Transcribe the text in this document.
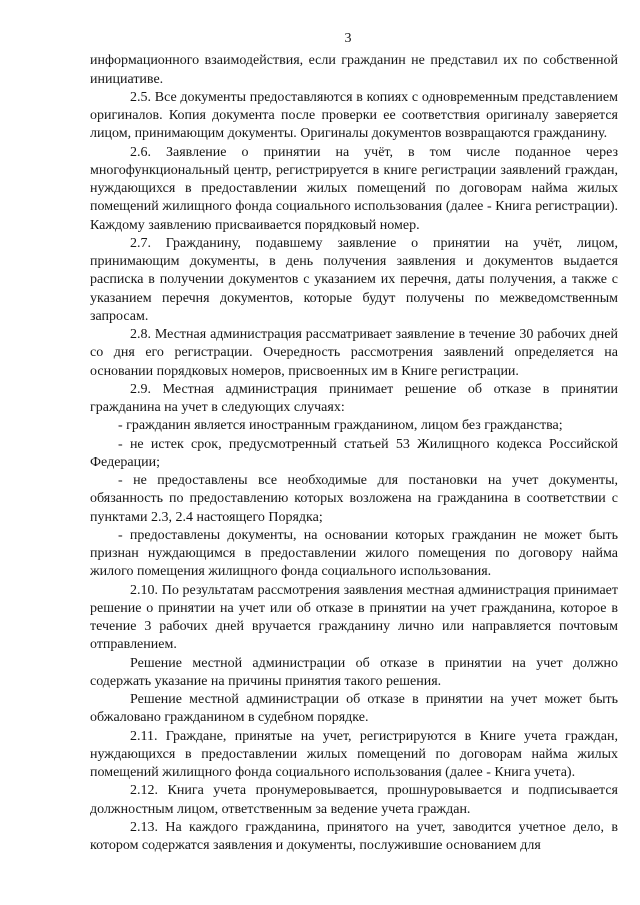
3

информационного взаимодействия, если гражданин не представил их по собственной инициативе.

2.5. Все документы предоставляются в копиях с одновременным представлением оригиналов. Копия документа после проверки ее соответствия оригиналу заверяется лицом, принимающим документы. Оригиналы документов возвращаются гражданину.

2.6. Заявление о принятии на учёт, в том числе поданное через многофункциональный центр, регистрируется в книге регистрации заявлений граждан, нуждающихся в предоставлении жилых помещений по договорам найма жилых помещений жилищного фонда социального использования (далее - Книга регистрации). Каждому заявлению присваивается порядковый номер.

2.7. Гражданину, подавшему заявление о принятии на учёт, лицом, принимающим документы, в день получения заявления и документов выдается расписка в получении документов с указанием их перечня, даты получения, а также с указанием перечня документов, которые будут получены по межведомственным запросам.

2.8. Местная администрация рассматривает заявление в течение 30 рабочих дней со дня его регистрации. Очередность рассмотрения заявлений определяется на основании порядковых номеров, присвоенных им в Книге регистрации.

2.9. Местная администрация принимает решение об отказе в принятии гражданина на учет в следующих случаях:

- гражданин является иностранным гражданином, лицом без гражданства;

- не истек срок, предусмотренный статьей 53 Жилищного кодекса Российской Федерации;

- не предоставлены все необходимые для постановки на учет документы, обязанность по предоставлению которых возложена на гражданина в соответствии с пунктами 2.3, 2.4 настоящего Порядка;

- предоставлены документы, на основании которых гражданин не может быть признан нуждающимся в предоставлении жилого помещения по договору найма жилого помещения жилищного фонда социального использования.

2.10. По результатам рассмотрения заявления местная администрация принимает решение о принятии на учет или об отказе в принятии на учет гражданина, которое в течение 3 рабочих дней вручается гражданину лично или направляется почтовым отправлением.

Решение местной администрации об отказе в принятии на учет должно содержать указание на причины принятия такого решения.

Решение местной администрации об отказе в принятии на учет может быть обжаловано гражданином в судебном порядке.

2.11. Граждане, принятые на учет, регистрируются в Книге учета граждан, нуждающихся в предоставлении жилых помещений по договорам найма жилых помещений жилищного фонда социального использования (далее - Книга учета).

2.12. Книга учета пронумеровывается, прошнуровывается и подписывается должностным лицом, ответственным за ведение учета граждан.

2.13. На каждого гражданина, принятого на учет, заводится учетное дело, в котором содержатся заявления и документы, послужившие основанием для
